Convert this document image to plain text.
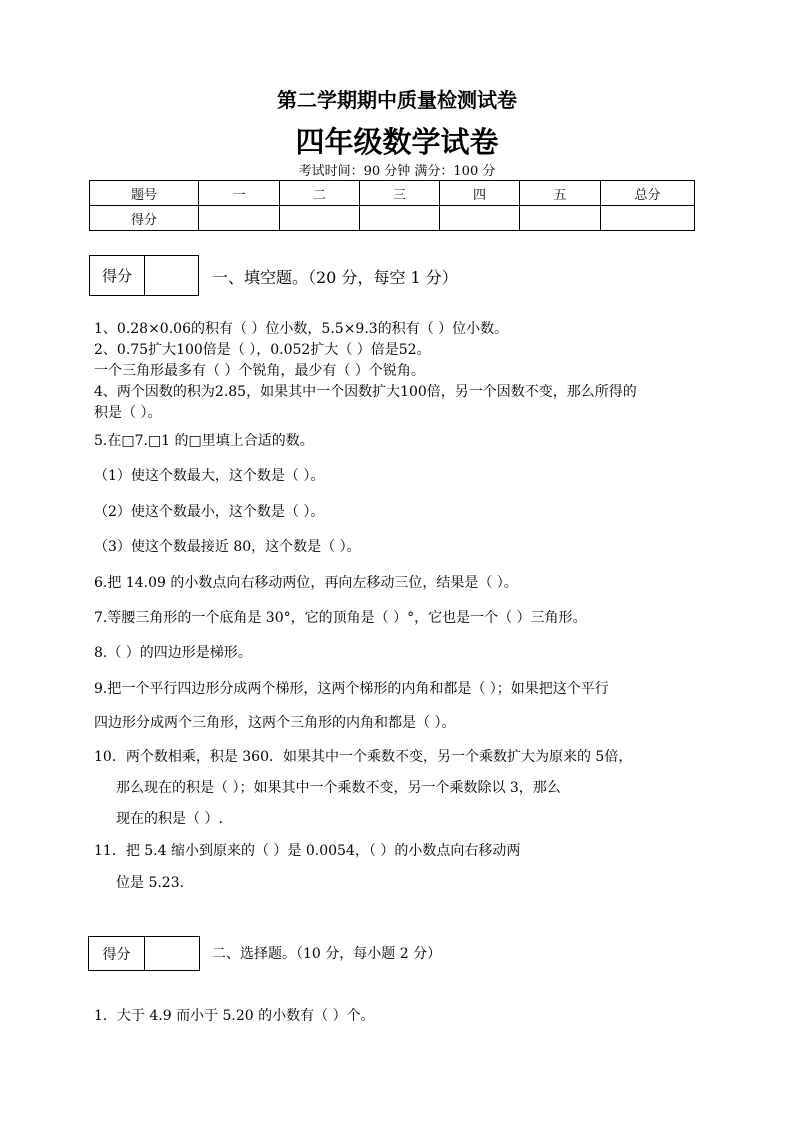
第二学期期中质量检测试卷
四年级数学试卷
考试时间：90 分钟 满分：100 分
题号	一	二	三	四	五	总分
得分						
得分	一、填空题。（20 分，每空 1 分）
1、0.28×0.06的积有（ ）位小数，5.5×9.3的积有（ ）位小数。
2、0.75扩大100倍是（ ），0.052扩大（ ）倍是52。
一个三角形最多有（ ）个锐角，最少有（ ）个锐角。
4、两个因数的积为2.85，如果其中一个因数扩大100倍，另一个因数不变，那么所得的
积是（ ）。
5.在□7.□1 的□里填上合适的数。
（1）使这个数最大，这个数是（ ）。
（2）使这个数最小，这个数是（ ）。
（3）使这个数最接近 80，这个数是（ ）。
6.把 14.09 的小数点向右移动两位，再向左移动三位，结果是（ ）。
7.等腰三角形的一个底角是 30°，它的顶角是（ ）°，它也是一个（ ）三角形。
8.（ ）的四边形是梯形。
9.把一个平行四边形分成两个梯形，这两个梯形的内角和都是（ ）；如果把这个平行
四边形分成两个三角形，这两个三角形的内角和都是（ ）。
10．两个数相乘，积是 360．如果其中一个乘数不变，另一个乘数扩大为原来的 5倍，
那么现在的积是（ ）；如果其中一个乘数不变，另一个乘数除以 3，那么
现在的积是（ ）.
11．把 5.4 缩小到原来的（ ）是 0.0054，（ ）的小数点向右移动两
位是 5.23.
得分	二、选择题。（10 分，每小题 2 分）
1．大于 4.9 而小于 5.20 的小数有（ ）个。
